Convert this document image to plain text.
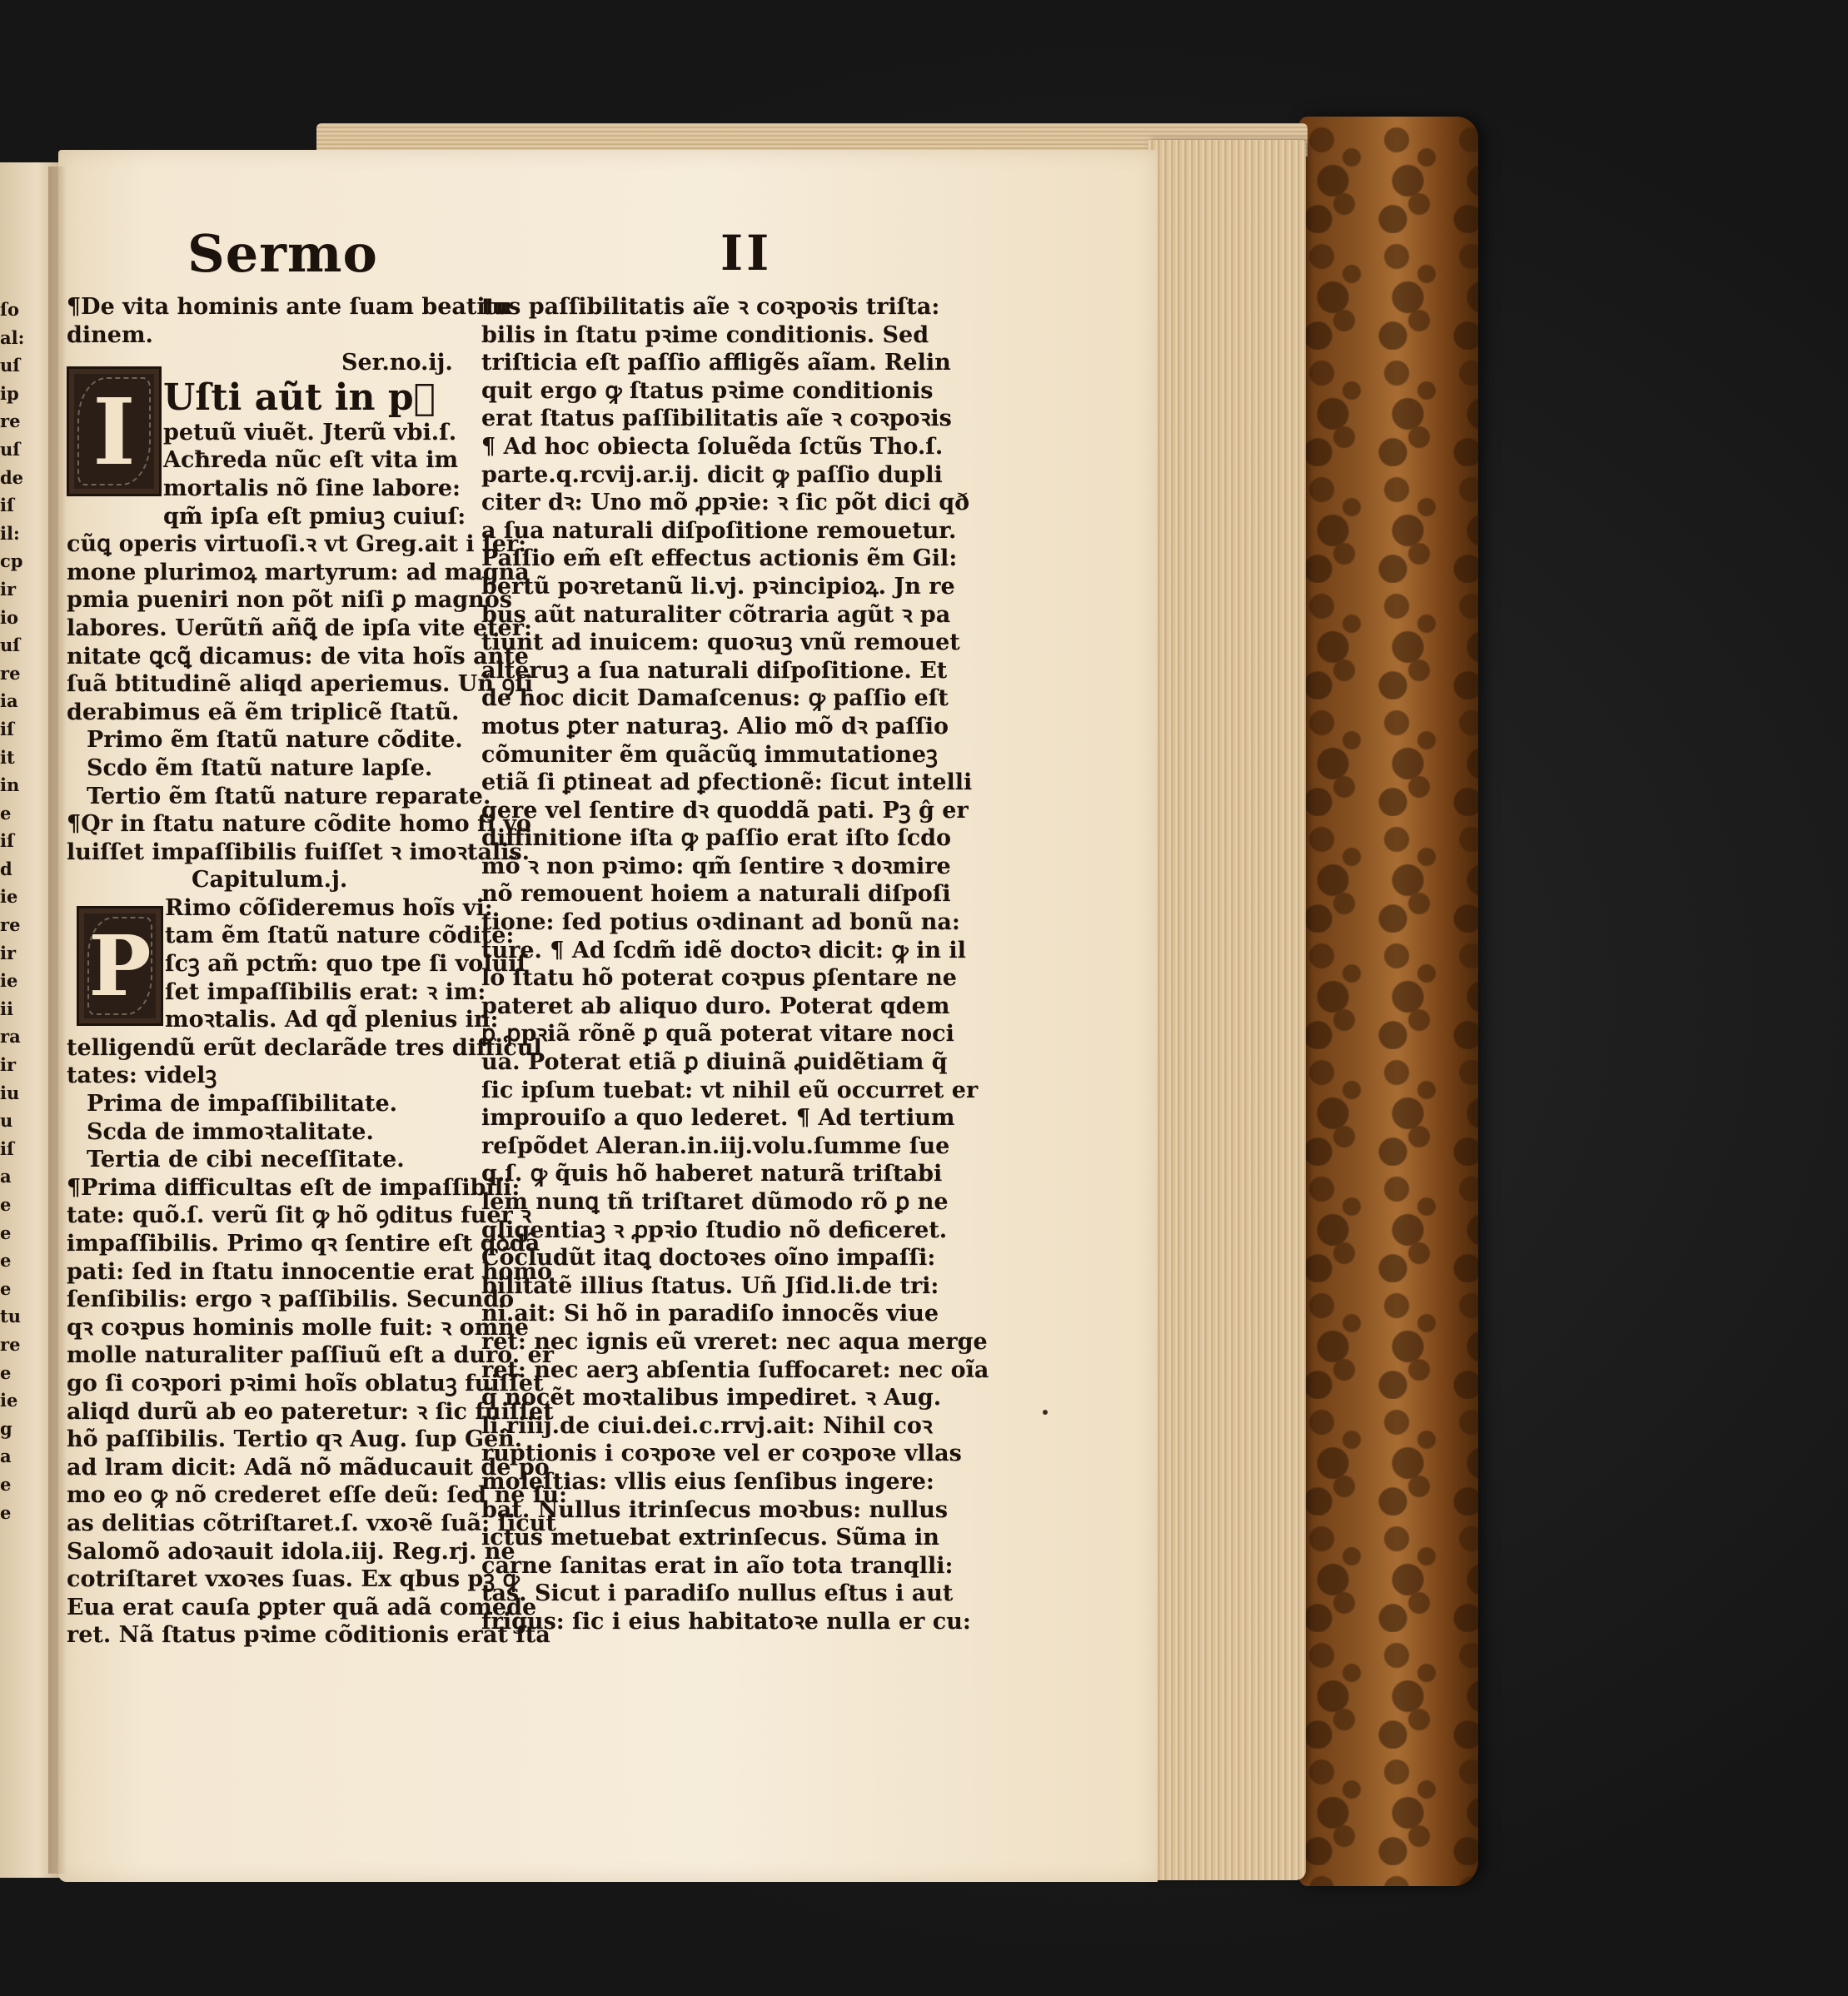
ſo
al:
uſ
ip
re
uſ
de
iſ
il:
cp
ir
io
uſ
re
ia
iſ
it
in
e
iſ
d
ie
re
ir
ie
ii
ra
ir
iu
u
iſ
a
e
e
e
e
tu
re
e
ie
g
a
e
e
Sermo	II
¶De vita hominis ante ſuam beatitu
dinem.
Ser.no.ij.
Uſti aũt in pᷣ
petuũ viuẽt. Jterũ vbi.ſ.
Acħreda nũc eſt vita im
mortalis nõ ſine labore:
qm̃ ipſa eſt pmiuꝫ cuiuſ:
cũꝗ operis virtuoſi.ꝛ vt Greg.ait i ſer:
mone plurimoꝝ martyrum: ad magna
pmia pueniri non põt niſi ꝑ magnos
labores. Uerũtñ añꝗ̃ de ipſa vite eter:
nitate ꝗcꝗ̃ dicamus: de vita hoĩs ante
ſuã btitudinẽ aliqd aperiemus. Uñ ꝯſi
derabimus eã ẽm triplicẽ ſtatũ.
Primo ẽm ſtatũ nature cõdite.
Scdo ẽm ſtatũ nature lapſe.
Tertio ẽm ſtatũ nature reparate.
¶Qr in ſtatu nature cõdite homo ſi vo
luiſſet impaſſibilis fuiſſet ꝛ imoꝛtalis.
Capitulum.j.
Rimo cõſideremus hoĩs vi:
tam ẽm ſtatũ nature cõdite:
ſcꝫ añ pctm̃: quo tpe ſi voluiſ
ſet impaſſibilis erat: ꝛ im:
moꝛtalis. Ad qd̃ plenius in:
telligendũ erũt declarãde tres difficul
tates: videlꝫ
Prima de impaſſibilitate.
Scda de immoꝛtalitate.
Tertia de cibi neceſſitate.
¶Prima difficultas eſt de impaſſibili:
tate: quõ.ſ. verũ ſit ꝙ hõ ꝯditus fuer ꝛ
impaſſibilis. Primo qꝛ ſentire eſt qꝺdã
pati: ſed in ſtatu innocentie erat homo
ſenſibilis: ergo ꝛ paſſibilis. Secundo
qꝛ coꝛpus hominis molle fuit: ꝛ omne
molle naturaliter paſſiuũ eſt a duro. er
go ſi coꝛpori pꝛimi hoĩs oblatuꝫ fuiſſet
aliqd durũ ab eo pateretur: ꝛ ſic fuiſſet
hõ paſſibilis. Tertio qꝛ Aug. ſup Geñ.
ad lram dicit: Adã nõ mãducauit de po
mo eo ꝙ nõ crederet eſſe deũ: ſed ne ſu:
as delitias cõtriſtaret.ſ. vxoꝛẽ ſuã: ſicut
Salomõ adoꝛauit idola.iij. Reg.rj. ne
cotriſtaret vxoꝛes ſuas. Ex qbus pꝫ ꝙ
Eua erat cauſa ꝑpter quã adã comede
ret. Nã ſtatus pꝛime cõditionis erat ſta
tus paſſibilitatis aĩe ꝛ coꝛpoꝛis triſta:
bilis in ſtatu pꝛime conditionis. Sed
triſticia eſt paſſio affligẽs aĩam. Relin
quit ergo ꝙ ſtatus pꝛime conditionis
erat ſtatus paſſibilitatis aĩe ꝛ coꝛpoꝛis
¶ Ad hoc obiecta ſoluẽda ſctũs Tho.ſ.
parte.q.rcvij.ar.ij. dicit ꝙ paſſio dupli
citer dꝛ: Uno mõ ꝓpꝛie: ꝛ ſic põt dici qð
a ſua naturali diſpoſitione remouetur.
Paſſio em̃ eſt effectus actionis ẽm Gil:
bertũ poꝛretanũ li.vj. pꝛincipioꝝ. Jn re
bus aũt naturaliter cõtraria agũt ꝛ pa
tiunt ad inuicem: quoꝛuꝫ vnũ remouet
alteruꝫ a ſua naturali diſpoſitione. Et
de hoc dicit Damaſcenus: ꝙ paſſio eſt
motus ꝑter naturaꝫ. Alio mõ dꝛ paſſio
cõmuniter ẽm quãcũꝗ immutationeꝫ
etiã ſi ꝑtineat ad ꝑfectionẽ: ſicut intelli
gere vel ſentire dꝛ quoddã pati. Pꝫ ĝ er
diffinitione iſta ꝙ paſſio erat iſto ſcdo
mõ ꝛ non pꝛimo: qm̃ ſentire ꝛ doꝛmire
nõ remouent hoiem a naturali diſpoſi
tione: ſed potius oꝛdinant ad bonũ na:
ture. ¶ Ad ſcdm̃ idẽ doctoꝛ dicit: ꝙ in il
lo ſtatu hõ poterat coꝛpus ꝑſentare ne
pateret ab aliquo duro. Poterat qdem
ꝑ ꝓpꝛiã rõnẽ ꝑ quã poterat vitare noci
ua. Poterat etiã ꝑ diuinã ꝓuidẽtiam q̃
ſic ipſum tuebat: vt nihil eũ occurret er
improuiſo a quo lederet. ¶ Ad tertium
reſpõdet Aleran.in.iij.volu.ſumme ſue
q.ſ. ꝙ q̃uis hõ haberet naturã triſtabi
lem nunꝗ tñ triſtaret dũmodo rõ ꝑ ne
gligentiaꝫ ꝛ ꝓpꝛio ſtudio nõ deficeret.
Cõcludũt itaꝗ doctoꝛes oĩno impaſſi:
bilitatẽ illius ſtatus. Uñ Jſid.li.de tri:
ni.ait: Si hõ in paradiſo innocẽs viue
ret: nec ignis eũ vreret: nec aqua merge
ret: nec aerꝫ abſentia ſuffocaret: nec oĩa
q̃ nocẽt moꝛtalibus impediret. ꝛ Aug.
li.riiij.de ciui.dei.c.rrvj.ait: Nihil coꝛ
ruptionis i coꝛpoꝛe vel er coꝛpoꝛe vllas
moleſtias: vllis eius ſenſibus ingere:
bat. Nullus itrinſecus moꝛbus: nullus
ictus metuebat extrinſecus. Sũma in
carne ſanitas erat in aĩo tota tranqlli:
tas. Sicut i paradiſo nullus eſtus i aut
frigus: ſic i eius habitatoꝛe nulla er cu:
I
P
